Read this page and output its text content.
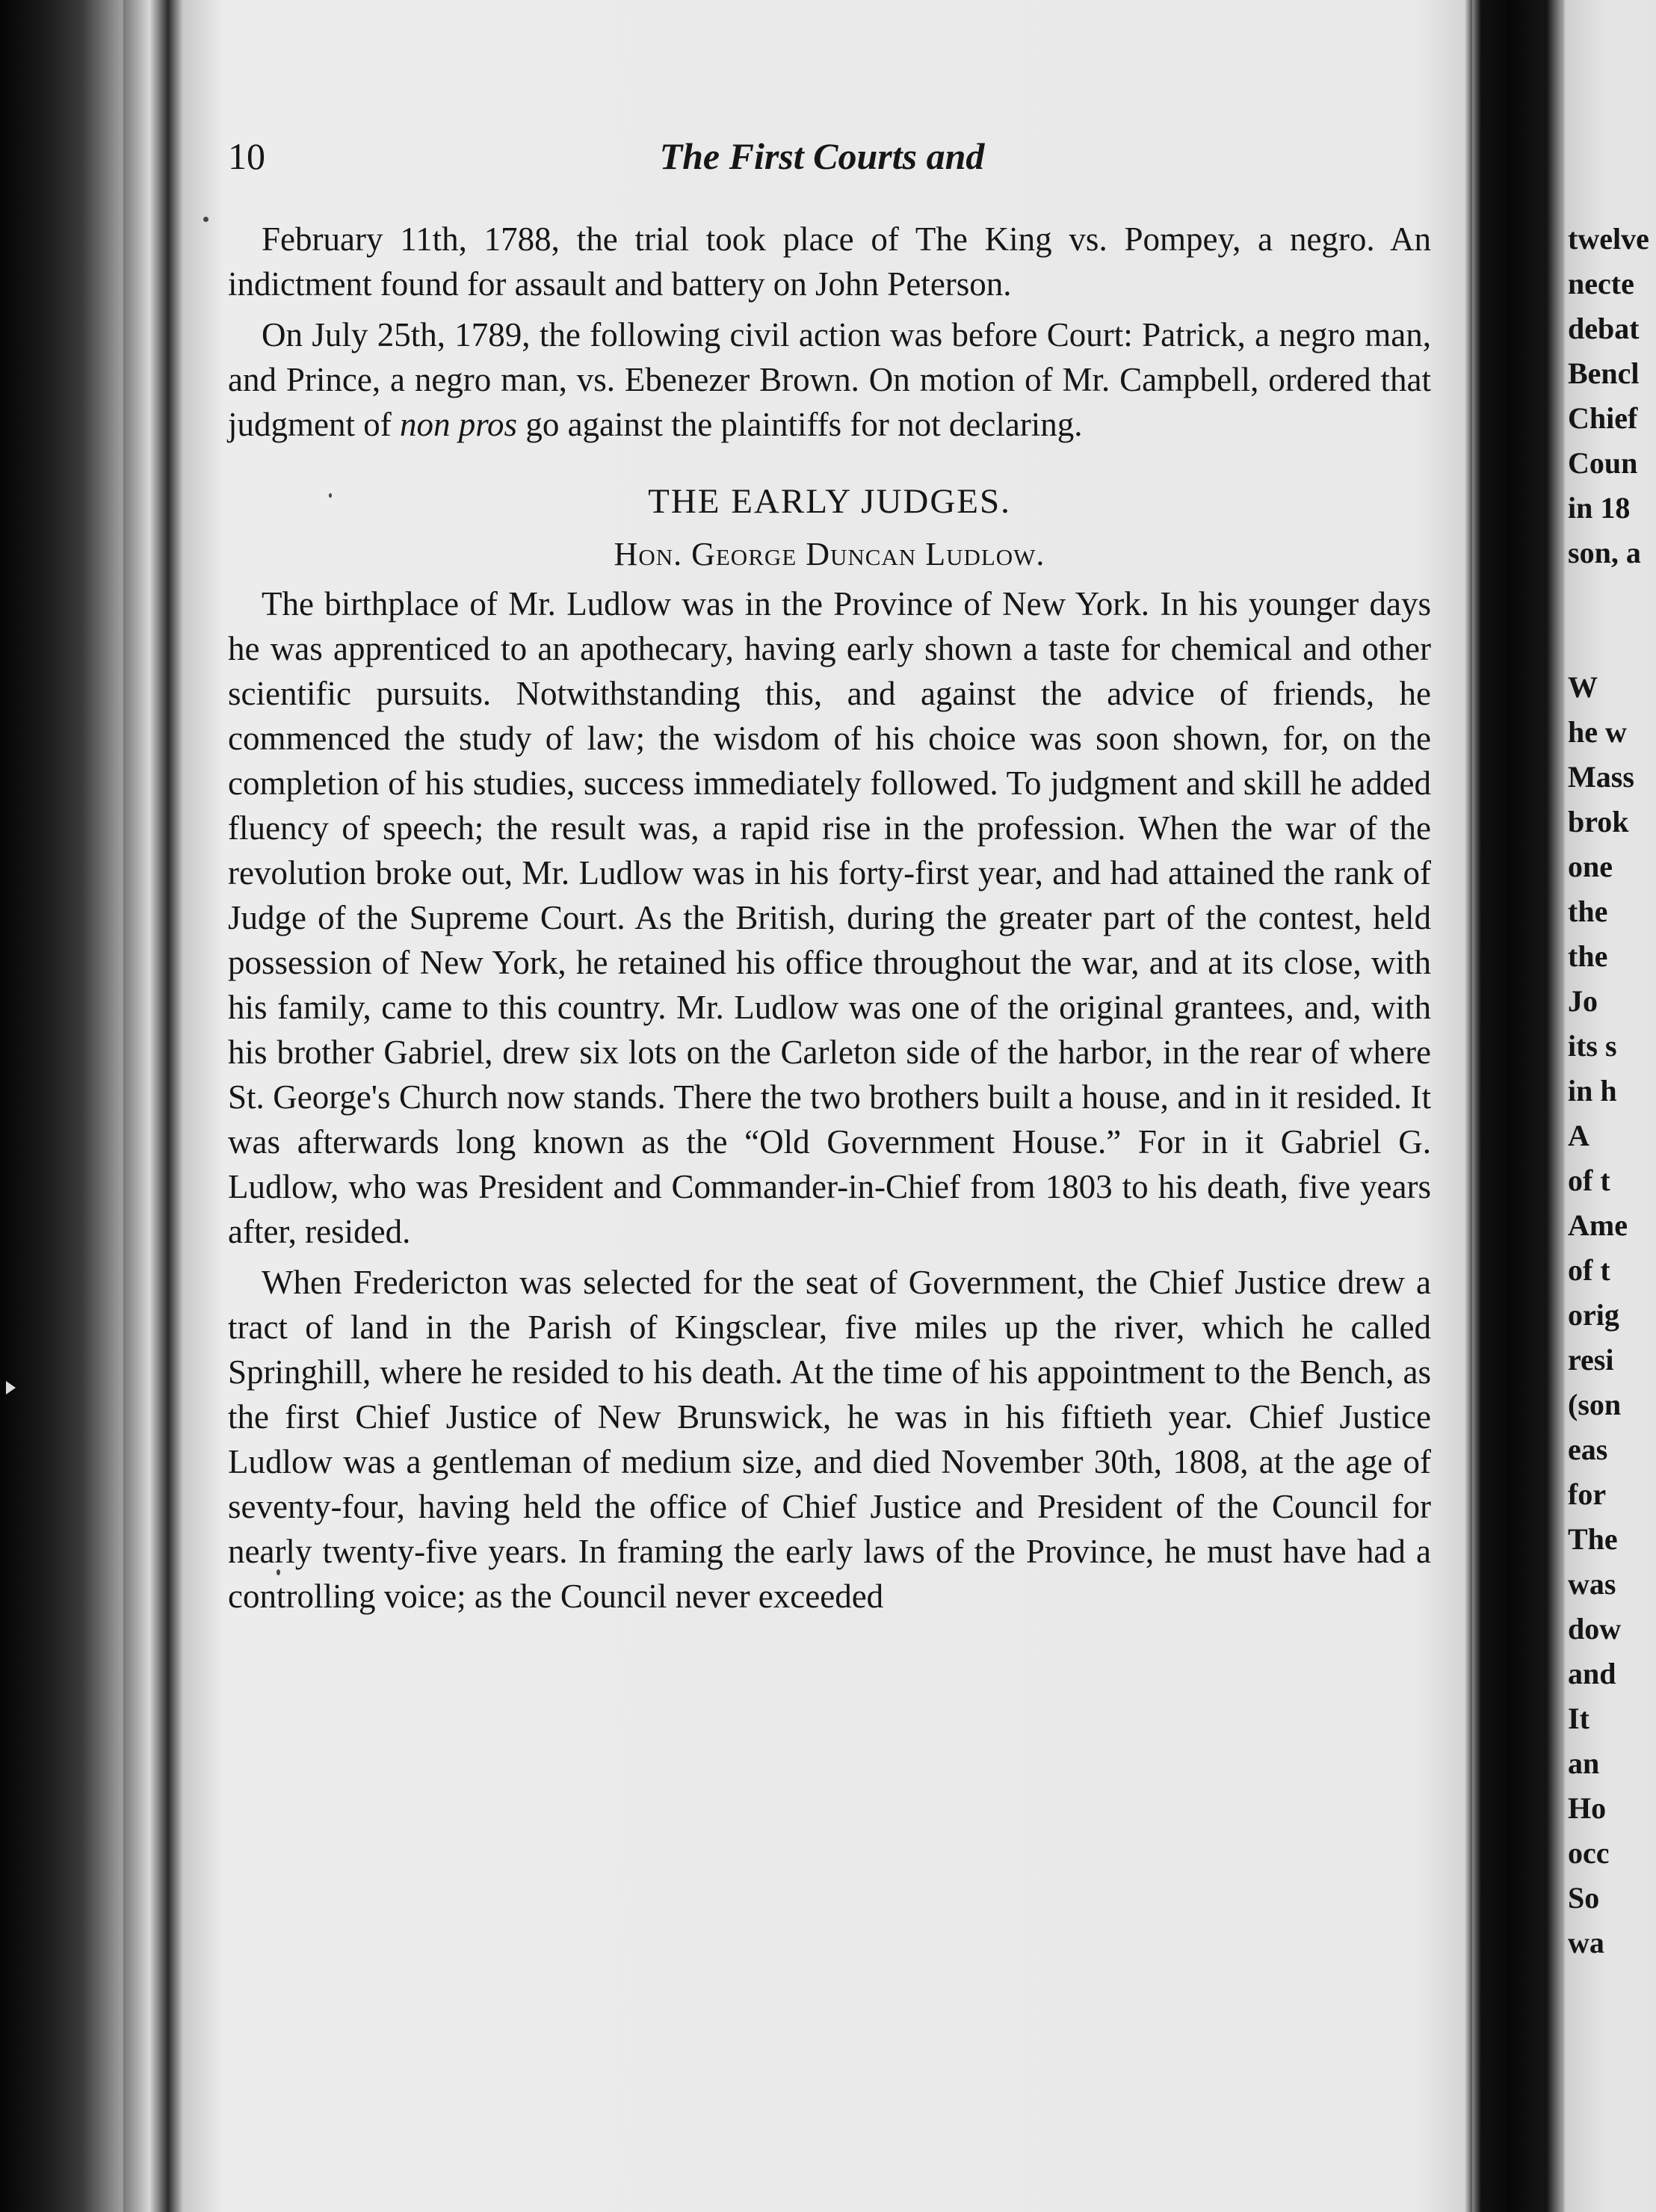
10	The First Courts and

February 11th, 1788, the trial took place of The King vs. Pompey, a negro. An indictment found for assault and battery on John Peterson.

On July 25th, 1789, the following civil action was before Court: Patrick, a negro man, and Prince, a negro man, vs. Ebenezer Brown. On motion of Mr. Campbell, ordered that judgment of non pros go against the plaintiffs for not declaring.

THE EARLY JUDGES.
Hon. George Duncan Ludlow.

The birthplace of Mr. Ludlow was in the Province of New York. In his younger days he was apprenticed to an apothecary, having early shown a taste for chemical and other scientific pursuits. Notwithstanding this, and against the advice of friends, he commenced the study of law; the wisdom of his choice was soon shown, for, on the completion of his studies, success immediately followed. To judgment and skill he added fluency of speech; the result was, a rapid rise in the profession. When the war of the revolution broke out, Mr. Ludlow was in his forty-first year, and had attained the rank of Judge of the Supreme Court. As the British, during the greater part of the contest, held possession of New York, he retained his office throughout the war, and at its close, with his family, came to this country. Mr. Ludlow was one of the original grantees, and, with his brother Gabriel, drew six lots on the Carleton side of the harbor, in the rear of where St. George's Church now stands. There the two brothers built a house, and in it resided. It was afterwards long known as the “Old Government House.” For in it Gabriel G. Ludlow, who was President and Commander-in-Chief from 1803 to his death, five years after, resided.

When Fredericton was selected for the seat of Government, the Chief Justice drew a tract of land in the Parish of Kingsclear, five miles up the river, which he called Springhill, where he resided to his death. At the time of his appointment to the Bench, as the first Chief Justice of New Brunswick, he was in his fiftieth year. Chief Justice Ludlow was a gentleman of medium size, and died November 30th, 1808, at the age of seventy-four, having held the office of Chief Justice and President of the Council for nearly twenty-five years. In framing the early laws of the Province, he must have had a controlling voice; as the Council never exceeded

twelve
necte
debat
Bencl
Chief
Coun
in 18
son, a
W
he w
Mass
brok
one
the
the
Jo
its s
in h
A
of t
Ame
of t
orig
resi
(son
eas
for
The
was
dow
and
It
an
Ho
occ
So
wa
